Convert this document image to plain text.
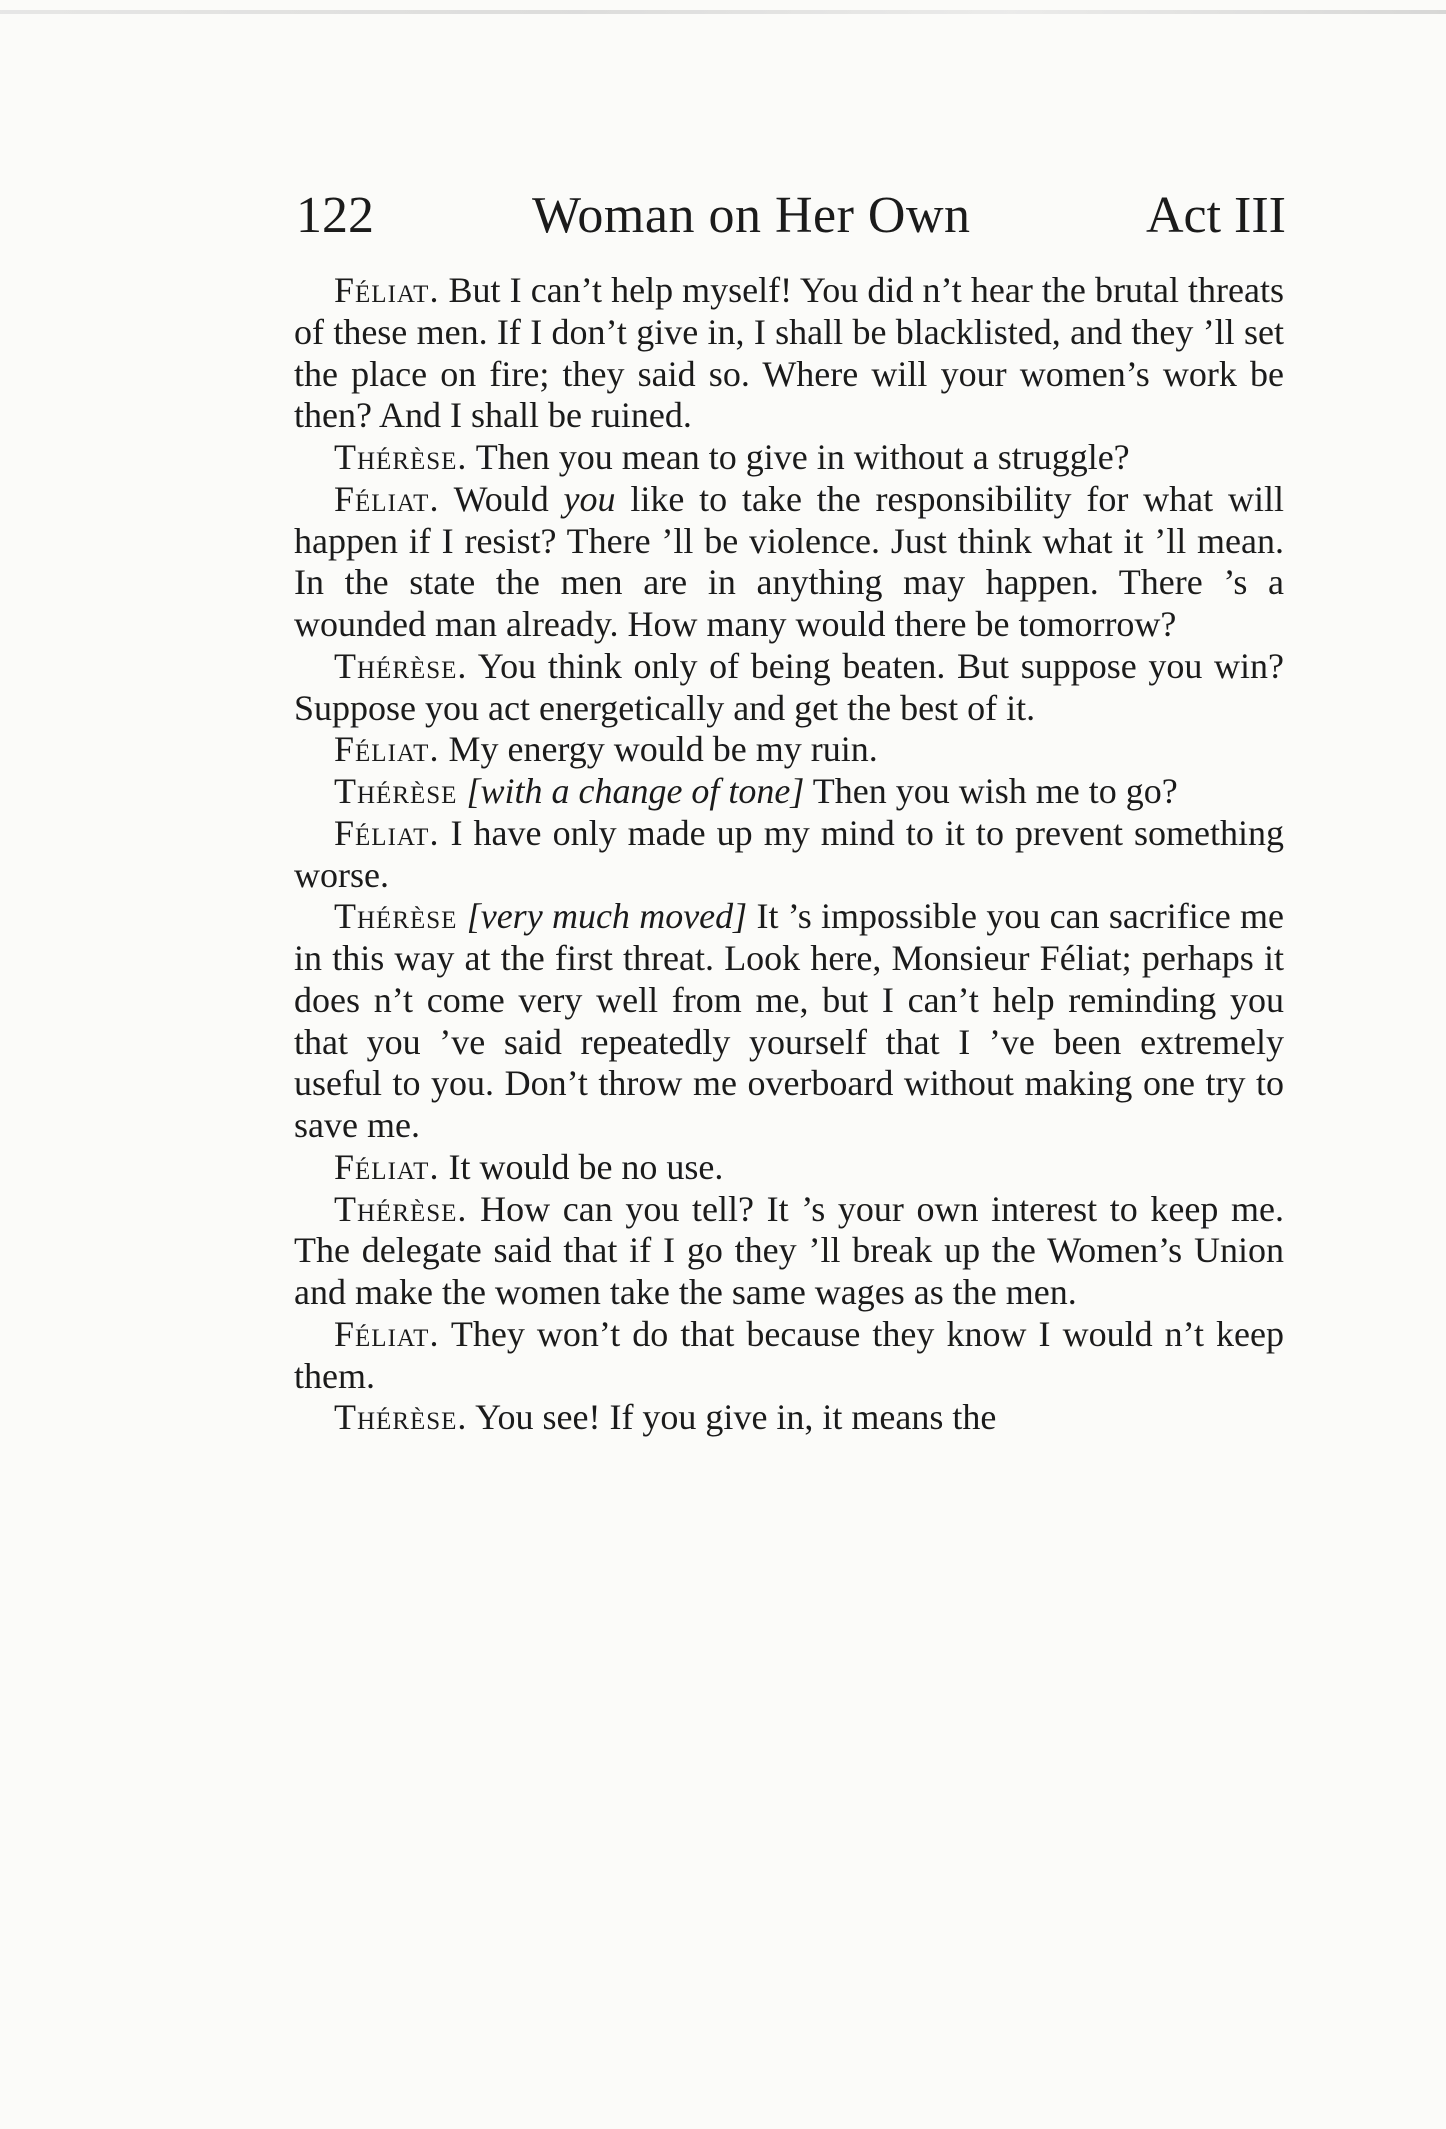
122	Woman on Her Own	Act III

Féliat. But I can’t help myself! You did n’t hear the brutal threats of these men. If I don’t give in, I shall be blacklisted, and they ’ll set the place on fire; they said so. Where will your women’s work be then? And I shall be ruined.

Thérèse. Then you mean to give in without a struggle?

Féliat. Would you like to take the responsibility for what will happen if I resist? There ’ll be violence. Just think what it ’ll mean. In the state the men are in anything may happen. There ’s a wounded man already. How many would there be tomorrow?

Thérèse. You think only of being beaten. But suppose you win? Suppose you act energetically and get the best of it.

Féliat. My energy would be my ruin.

Thérèse [with a change of tone] Then you wish me to go?

Féliat. I have only made up my mind to it to prevent something worse.

Thérèse [very much moved] It ’s impossible you can sacrifice me in this way at the first threat. Look here, Monsieur Féliat; perhaps it does n’t come very well from me, but I can’t help reminding you that you ’ve said repeatedly yourself that I ’ve been extremely useful to you. Don’t throw me overboard without making one try to save me.

Féliat. It would be no use.

Thérèse. How can you tell? It ’s your own interest to keep me. The delegate said that if I go they ’ll break up the Women’s Union and make the women take the same wages as the men.

Féliat. They won’t do that because they know I would n’t keep them.

Thérèse. You see! If you give in, it means the
